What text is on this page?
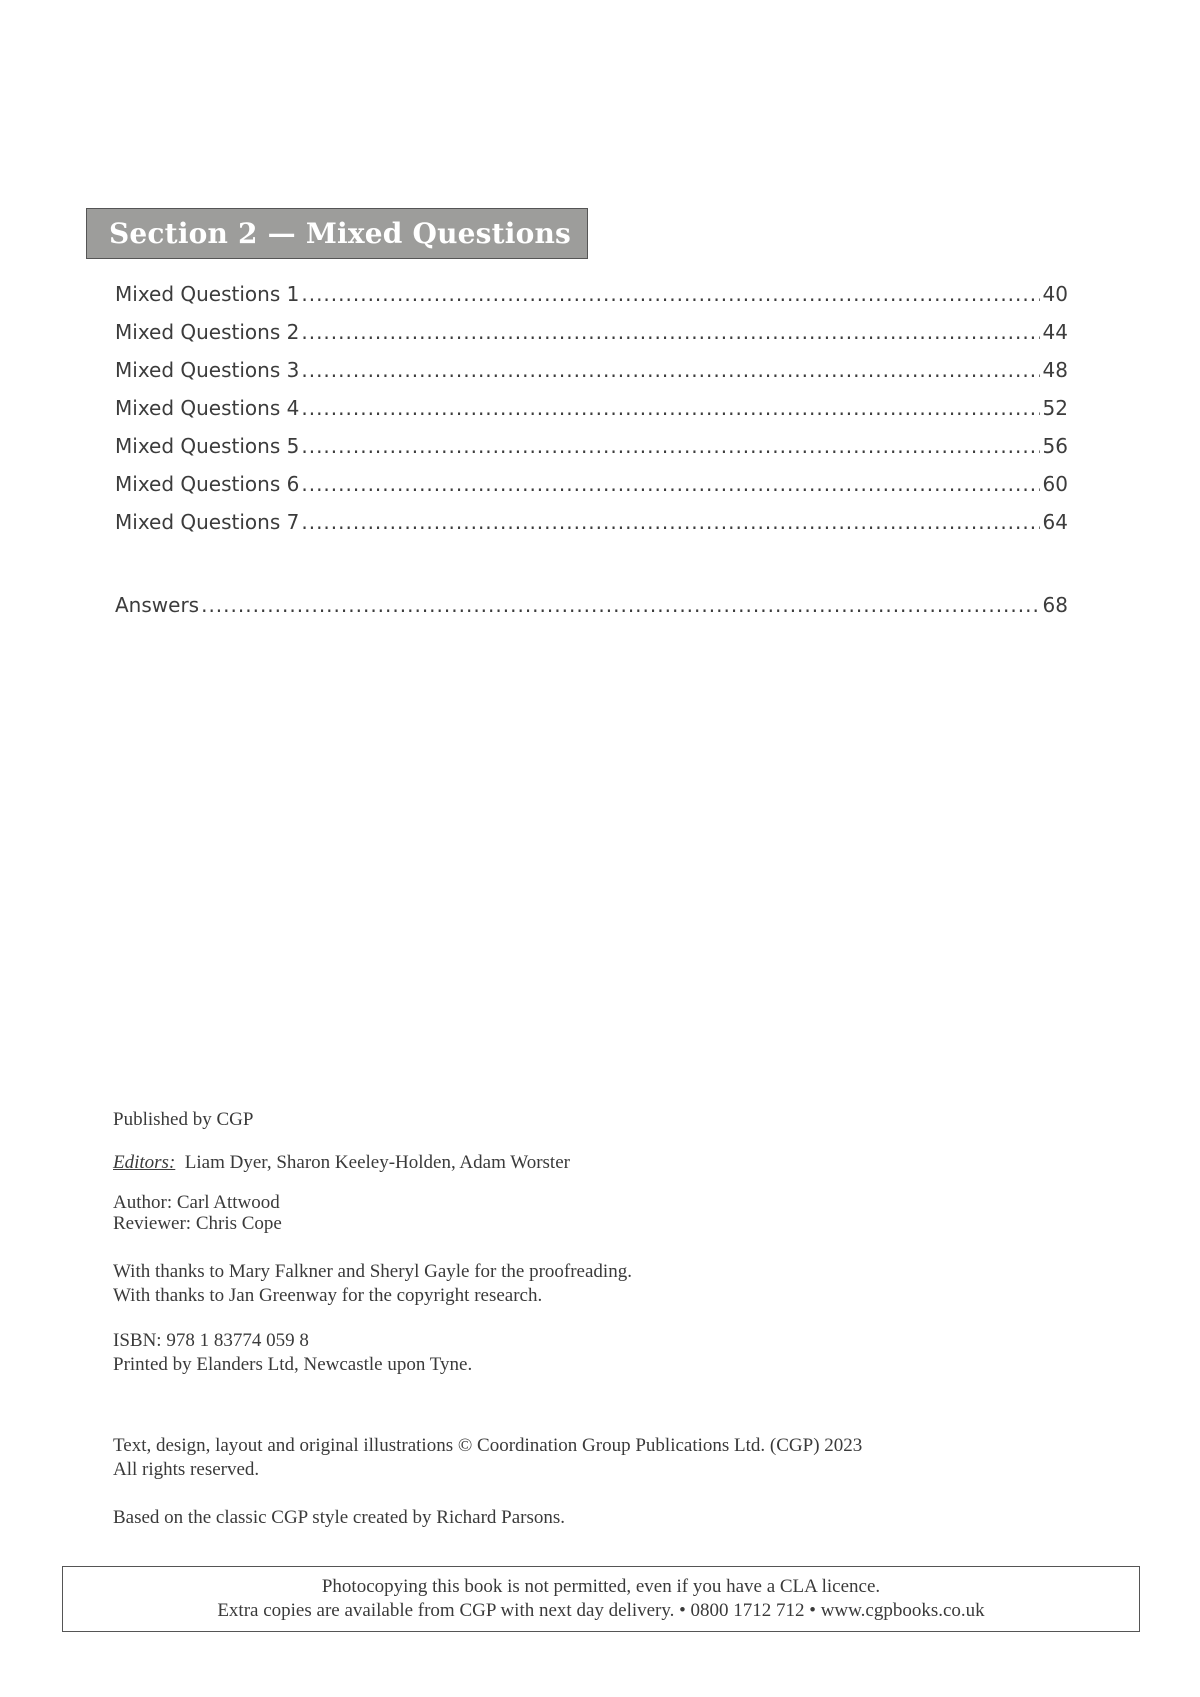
Section 2 — Mixed Questions
Mixed Questions 1 .....	40
Mixed Questions 2 .....	44
Mixed Questions 3 .....	48
Mixed Questions 4 .....	52
Mixed Questions 5 .....	56
Mixed Questions 6 .....	60
Mixed Questions 7 .....	64
Answers .....	68
Published by CGP
Editors: Liam Dyer, Sharon Keeley-Holden, Adam Worster
Author: Carl Attwood
Reviewer: Chris Cope
With thanks to Mary Falkner and Sheryl Gayle for the proofreading.
With thanks to Jan Greenway for the copyright research.
ISBN: 978 1 83774 059 8
Printed by Elanders Ltd, Newcastle upon Tyne.
Text, design, layout and original illustrations © Coordination Group Publications Ltd. (CGP) 2023
All rights reserved.
Based on the classic CGP style created by Richard Parsons.
Photocopying this book is not permitted, even if you have a CLA licence.
Extra copies are available from CGP with next day delivery. • 0800 1712 712 • www.cgpbooks.co.uk
